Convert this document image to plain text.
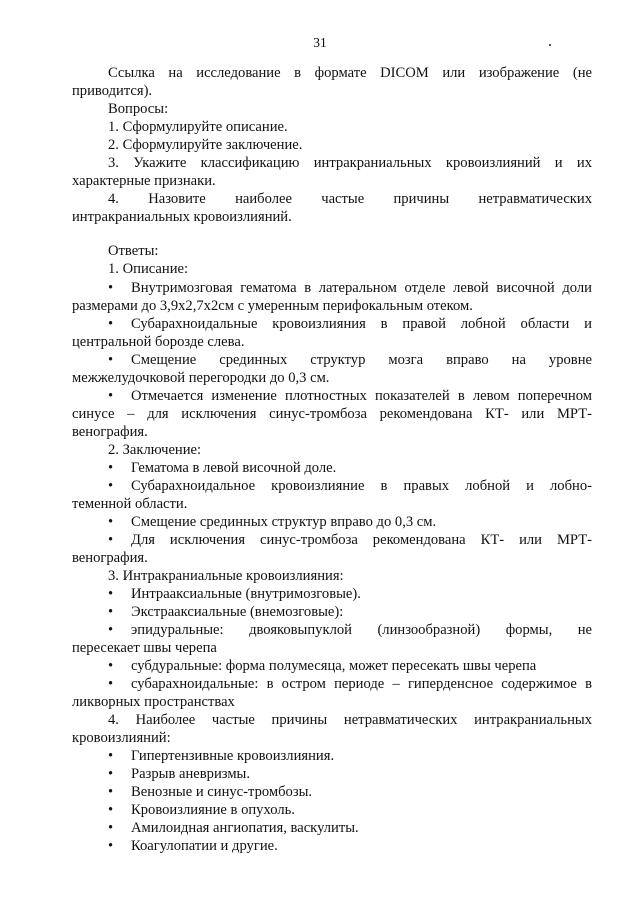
31
Ссылка на исследование в формате DICOM или изображение (не
приводится).
Вопросы:
1. Сформулируйте описание.
2. Сформулируйте заключение.
3. Укажите классификацию интракраниальных кровоизлияний и их
характерные признаки.
4. Назовите наиболее частые причины нетравматических
интракраниальных кровоизлияний.
Ответы:
1. Описание:
•	Внутримозговая гематома в латеральном отделе левой височной доли
размерами до 3,9х2,7х2см с умеренным перифокальным отеком.
•	Субарахноидальные кровоизлияния в правой лобной области и
центральной борозде слева.
•	Смещение срединных структур мозга вправо на уровне
межжелудочковой перегородки до 0,3 см.
•	Отмечается изменение плотностных показателей в левом поперечном
синусе – для исключения синус-тромбоза рекомендована КТ- или МРТ-
венография.
2. Заключение:
•	Гематома в левой височной доле.
•	Субарахноидальное кровоизлияние в правых лобной и лобно-
теменной области.
•	Смещение срединных структур вправо до 0,3 см.
•	Для исключения синус-тромбоза рекомендована КТ- или МРТ-
венография.
3. Интракраниальные кровоизлияния:
•	Интрааксиальные (внутримозговые).
•	Экстрааксиальные (внемозговые):
•	эпидуральные: двояковыпуклой (линзообразной) формы, не
пересекает швы черепа
•	субдуральные: форма полумесяца, может пересекать швы черепа
•	субарахноидальные: в остром периоде – гиперденсное содержимое в
ликворных пространствах
4. Наиболее частые причины нетравматических интракраниальных
кровоизлияний:
•	Гипертензивные кровоизлияния.
•	Разрыв аневризмы.
•	Венозные и синус-тромбозы.
•	Кровоизлияние в опухоль.
•	Амилоидная ангиопатия, васкулиты.
•	Коагулопатии и другие.
